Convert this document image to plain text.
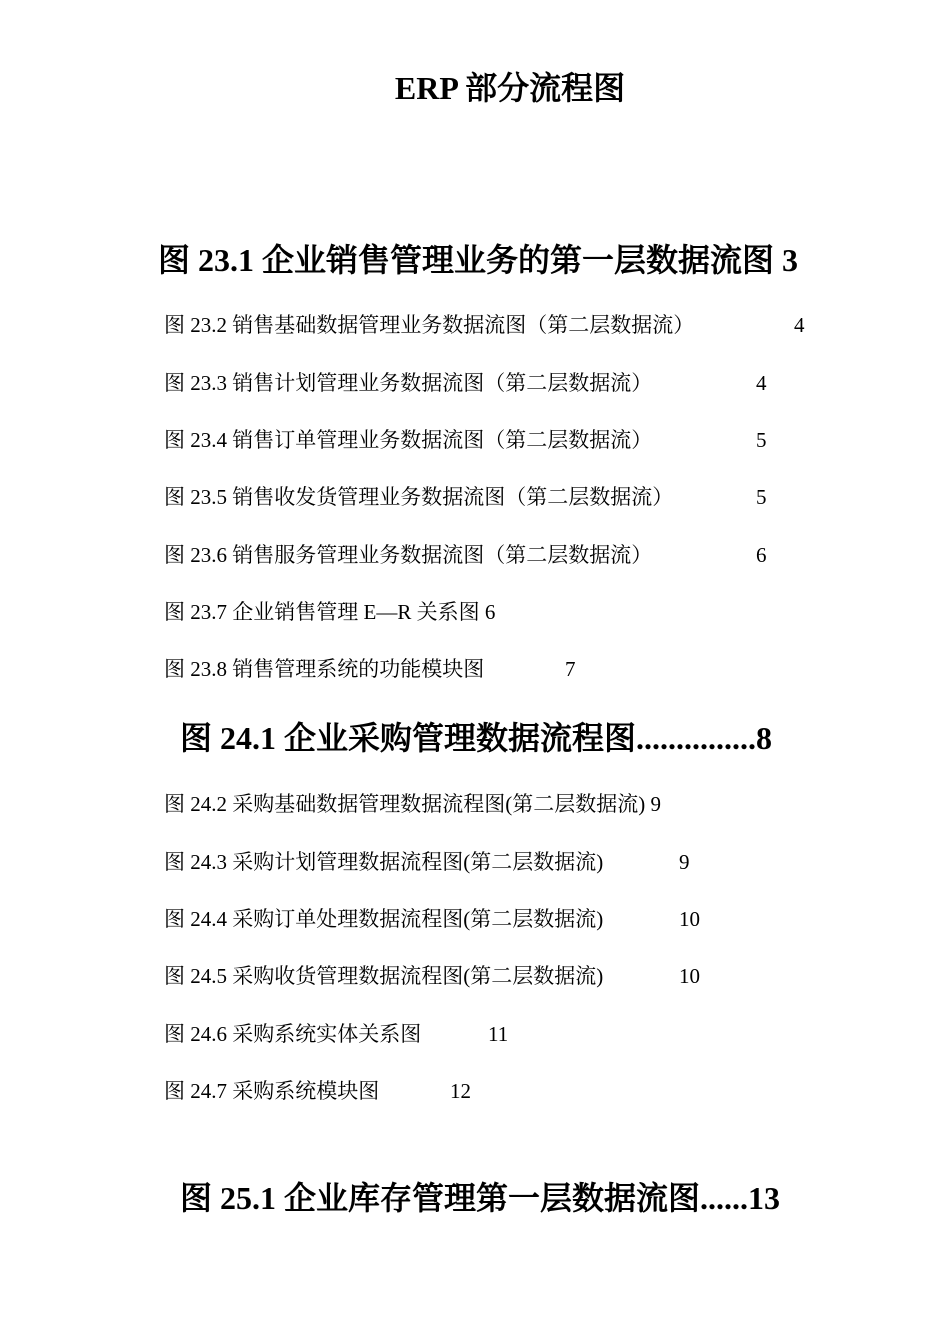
ERP 部分流程图
图 23.1 企业销售管理业务的第一层数据流图 3
图 23.2 销售基础数据管理业务数据流图（第二层数据流）	4
图 23.3 销售计划管理业务数据流图（第二层数据流）	4
图 23.4 销售订单管理业务数据流图（第二层数据流）	5
图 23.5 销售收发货管理业务数据流图（第二层数据流）	5
图 23.6 销售服务管理业务数据流图（第二层数据流）	6
图 23.7 企业销售管理 E—R 关系图 6
图 23.8 销售管理系统的功能模块图	7
图 24.1 企业采购管理数据流程图...............8
图 24.2 采购基础数据管理数据流程图(第二层数据流) 9
图 24.3 采购计划管理数据流程图(第二层数据流)	9
图 24.4 采购订单处理数据流程图(第二层数据流)	10
图 24.5 采购收货管理数据流程图(第二层数据流)	10
图 24.6 采购系统实体关系图	11
图 24.7 采购系统模块图	12
图 25.1 企业库存管理第一层数据流图......13
